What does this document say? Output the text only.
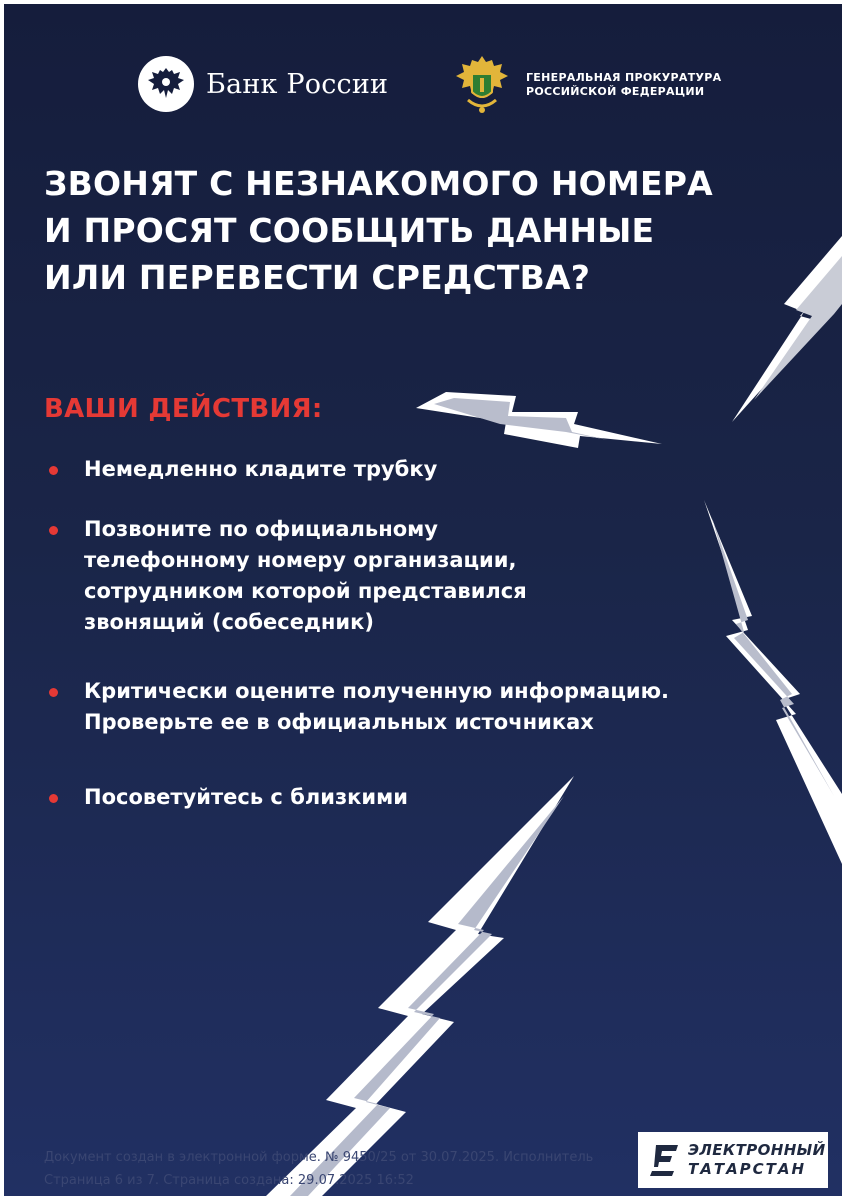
Банк России	ГЕНЕРАЛЬНАЯ ПРОКУРАТУРА
РОССИЙСКОЙ ФЕДЕРАЦИИ
ЗВОНЯТ С НЕЗНАКОМОГО НОМЕРА
И ПРОСЯТ СООБЩИТЬ ДАННЫЕ
ИЛИ ПЕРЕВЕСТИ СРЕДСТВА?
ВАШИ ДЕЙСТВИЯ:
Немедленно кладите трубку
Позвоните по официальному
телефонному номеру организации,
сотрудником которой представился
звонящий (собеседник)
Критически оцените полученную информацию.
Проверьте ее в официальных источниках
Посоветуйтесь с близкими
Документ создан в электронной форме. № 9450/25 от 30.07.2025. Исполнитель
Страница 6 из 7. Страница создана: 29.07.2025 16:52
ЭЛЕКТРОННЫЙ
ТАТАРСТАН
